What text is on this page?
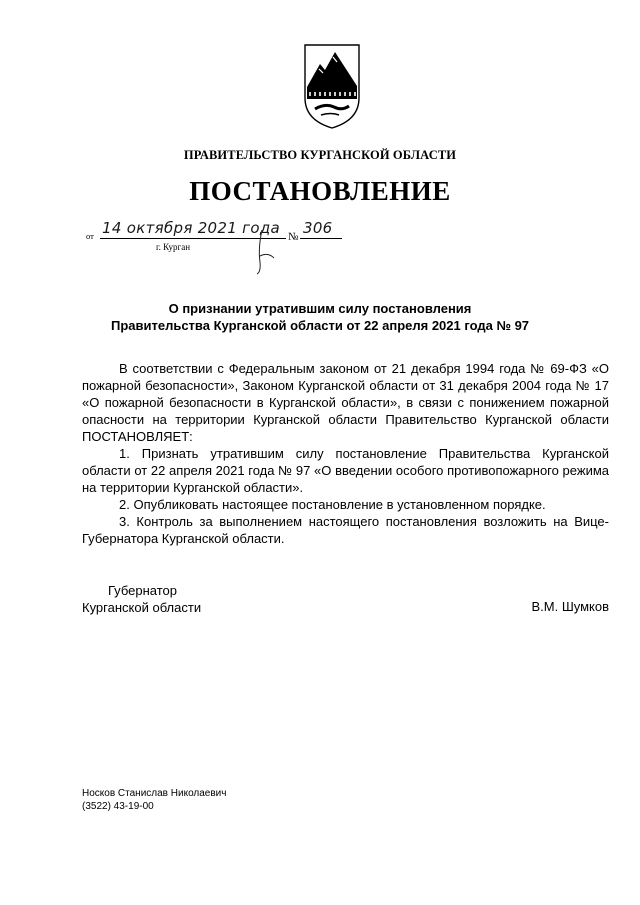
ПРАВИТЕЛЬСТВО КУРГАНСКОЙ ОБЛАСТИ
ПОСТАНОВЛЕНИЕ
от 14 октября 2021 года № 306
г. Курган
О признании утратившим силу постановления
Правительства Курганской области от 22 апреля 2021 года № 97

В соответствии с Федеральным законом от 21 декабря 1994 года № 69-ФЗ «О пожарной безопасности», Законом Курганской области от 31 декабря 2004 года № 17 «О пожарной безопасности в Курганской области», в связи с понижением пожарной опасности на территории Курганской области Правительство Курганской области ПОСТАНОВЛЯЕТ:

1. Признать утратившим силу постановление Правительства Курганской области от 22 апреля 2021 года № 97 «О введении особого противопожарного режима на территории Курганской области».

2. Опубликовать настоящее постановление в установленном порядке.

3. Контроль за выполнением настоящего постановления возложить на Вице-Губернатора Курганской области.

Губернатор
Курганской области	В.М. Шумков
Носков Станислав Николаевич
(3522) 43-19-00
